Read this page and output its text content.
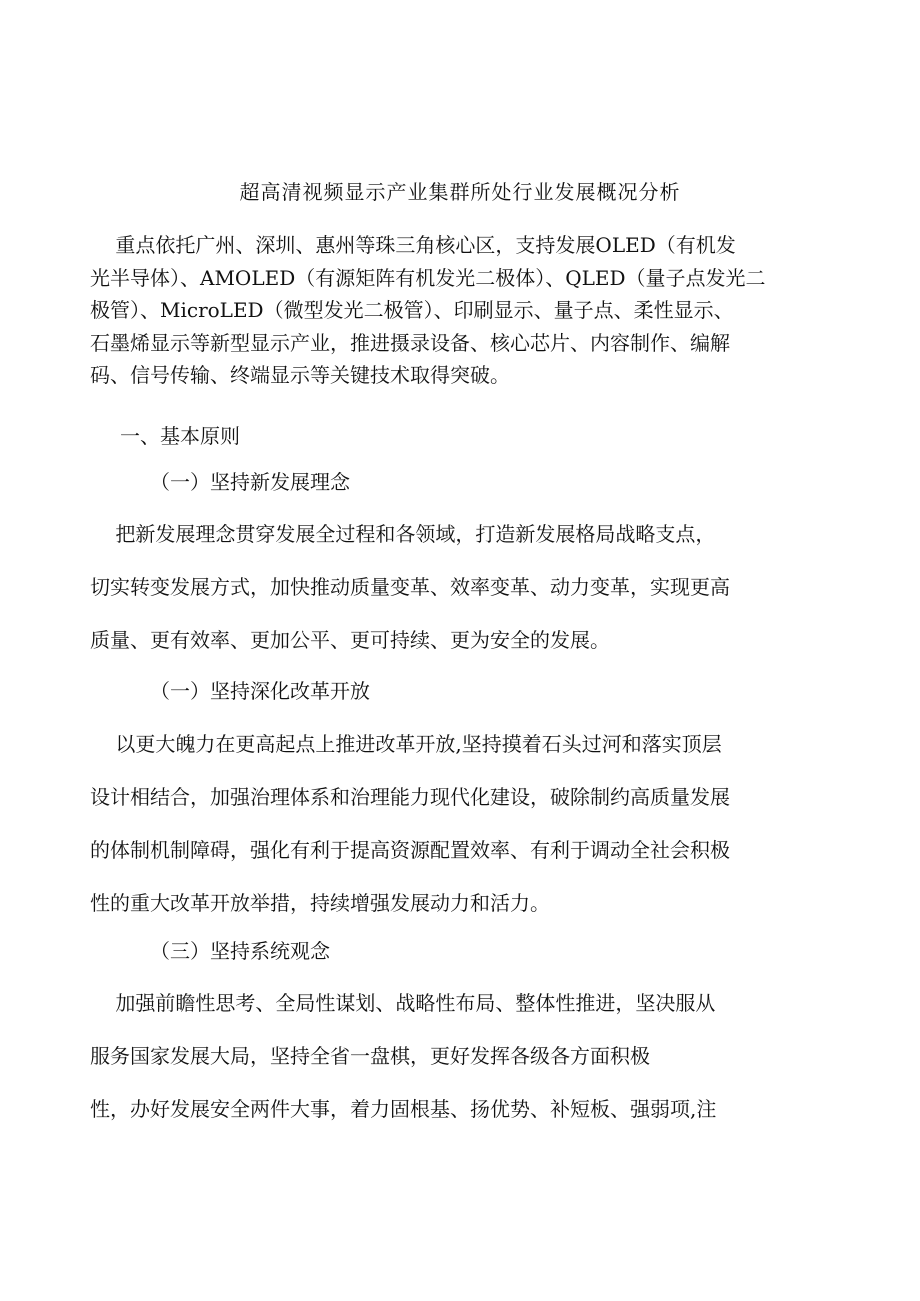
超高清视频显示产业集群所处行业发展概况分析
重点依托广州、深圳、惠州等珠三角核心区，支持发展OLED（有机发
光半导体）、AMOLED（有源矩阵有机发光二极体）、QLED（量子点发光二
极管）、MicroLED（微型发光二极管）、印刷显示、量子点、柔性显示、
石墨烯显示等新型显示产业，推进摄录设备、核心芯片、内容制作、编解
码、信号传输、终端显示等关键技术取得突破。
一、基本原则
（一）坚持新发展理念
把新发展理念贯穿发展全过程和各领域，打造新发展格局战略支点，
切实转变发展方式，加快推动质量变革、效率变革、动力变革，实现更高
质量、更有效率、更加公平、更可持续、更为安全的发展。
（一）坚持深化改革开放
以更大魄力在更高起点上推进改革开放,坚持摸着石头过河和落实顶层
设计相结合，加强治理体系和治理能力现代化建设，破除制约高质量发展
的体制机制障碍，强化有利于提高资源配置效率、有利于调动全社会积极
性的重大改革开放举措，持续增强发展动力和活力。
（三）坚持系统观念
加强前瞻性思考、全局性谋划、战略性布局、整体性推进，坚决服从
服务国家发展大局，坚持全省一盘棋，更好发挥各级各方面积极
性，办好发展安全两件大事，着力固根基、扬优势、补短板、强弱项,注
